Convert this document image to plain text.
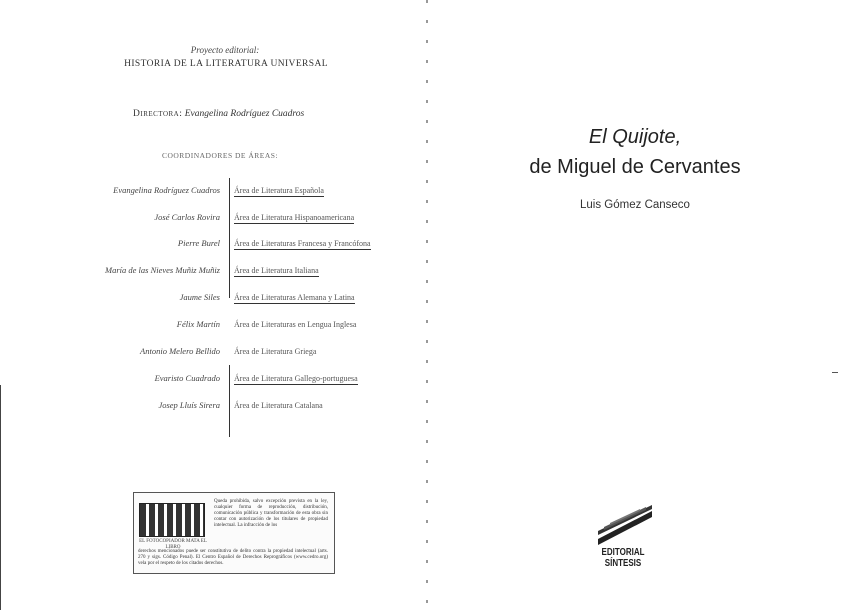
Proyecto editorial:
HISTORIA DE LA LITERATURA UNIVERSAL
Directora: Evangelina Rodríguez Cuadros
COORDINADORES DE ÁREAS:
Evangelina Rodríguez Cuadros Área de Literatura Española
José Carlos Rovira Área de Literatura Hispanoamericana
Pierre Burel Área de Literaturas Francesa y Francófona
María de las Nieves Muñiz Muñiz Área de Literatura Italiana
Jaume Siles Área de Literaturas Alemana y Latina
Félix Martín Área de Literaturas en Lengua Inglesa
Antonio Melero Bellido Área de Literatura Griega
Evaristo Cuadrado Área de Literatura Gallego-portuguesa
Josep Lluís Sirera Área de Literatura Catalana
EL FOTOCOPIADOR MATA EL LIBRO
Queda prohibida, salvo excepción prevista en la ley, cualquier forma de reproducción, distribución, comunicación pública y transformación de esta obra sin contar con autorización de los titulares de propiedad intelectual. La infracción de los
derechos mencionados puede ser constitutiva de delito contra la propiedad intelectual (arts. 270 y sigs. Código Penal). El Centro Español de Derechos Reprográficos (www.cedro.org) vela por el respeto de los citados derechos.
El Quijote,
de Miguel de Cervantes
Luis Gómez Canseco
EDITORIAL
SÍNTESIS
